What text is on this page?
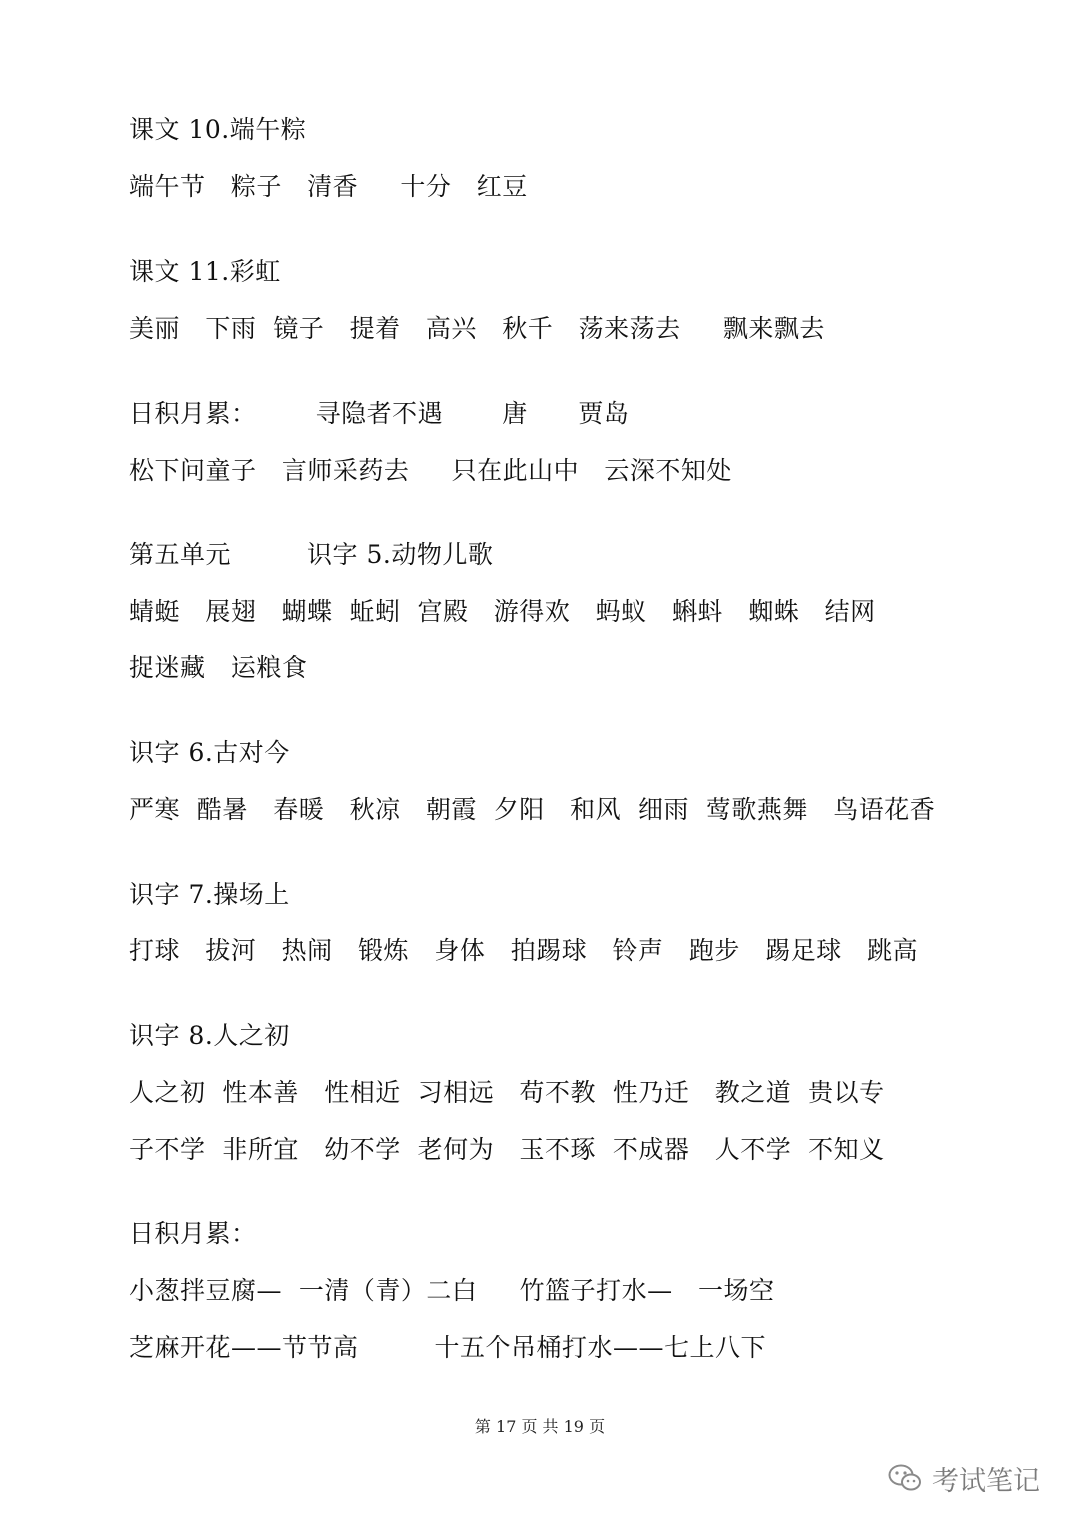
课文 10.端午粽

端午节   粽子   清香     十分   红豆

课文 11.彩虹

美丽   下雨  镜子   提着   高兴   秋千   荡来荡去     飘来飘去

日积月累：       寻隐者不遇       唐      贾岛

松下问童子   言师采药去     只在此山中   云深不知处

第五单元         识字 5.动物儿歌

蜻蜓   展翅   蝴蝶  蚯蚓  宫殿   游得欢   蚂蚁   蝌蚪   蜘蛛   结网

捉迷藏   运粮食

识字 6.古对今

严寒  酷暑   春暖   秋凉   朝霞  夕阳   和风  细雨  莺歌燕舞   鸟语花香

识字 7.操场上

打球   拔河   热闹   锻炼   身体   拍踢球   铃声   跑步   踢足球   跳高

识字 8.人之初

人之初  性本善   性相近  习相远   苟不教  性乃迁   教之道  贵以专

子不学  非所宜   幼不学  老何为   玉不琢  不成器   人不学  不知义

日积月累：

小葱拌豆腐—  一清（青）二白     竹篮子打水—   一场空

芝麻开花——节节高         十五个吊桶打水——七上八下

第 17 页 共 19 页
考试笔记
